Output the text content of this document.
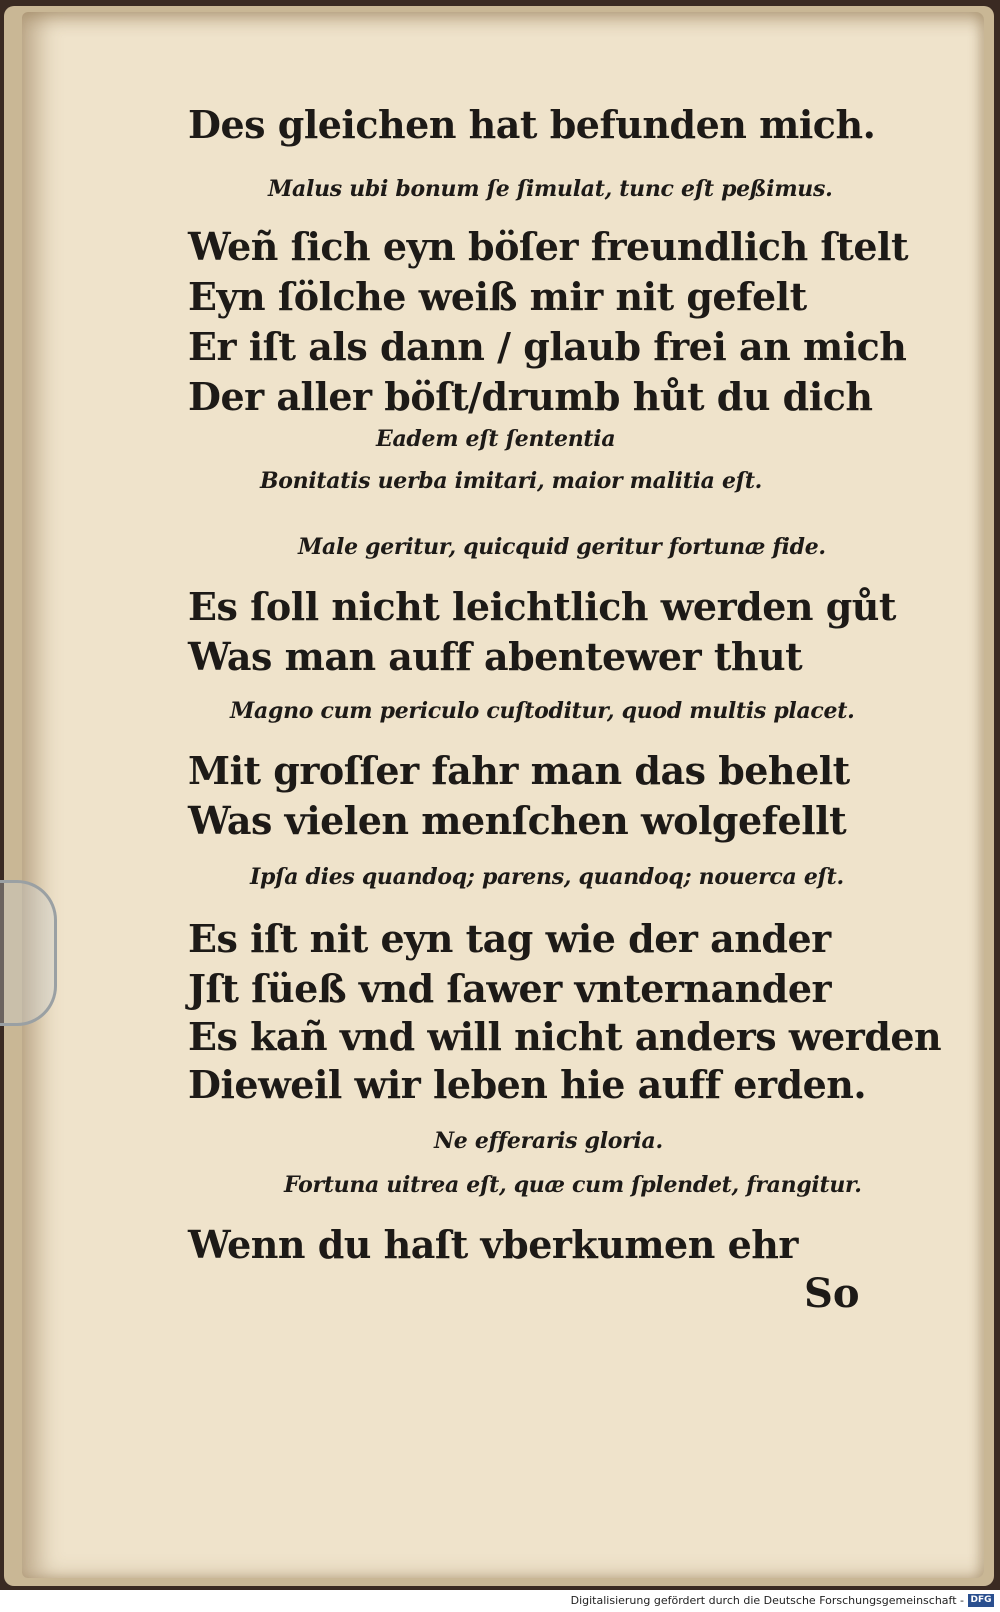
Des gleichen hat befunden mich.
Malus ubi bonum ſe ſimulat, tunc eſt peßimus.
Weñ ſich eyn böſer freundlich ſtelt
Eyn ſölche weiß mir nit gefelt
Er iſt als dann / glaub frei an mich
Der aller böſt/drumb hůt du dich
Eadem eſt ſententia
Bonitatis uerba imitari, maior malitia eſt.
Male geritur, quicquid geritur fortunæ fide.
Es ſoll nicht leichtlich werden gůt
Was man auff abentewer thut
Magno cum periculo cuſtoditur, quod multis placet.
Mit groſſer fahr man das behelt
Was vielen menſchen wolgefellt
Ipſa dies quandoq; parens, quandoq; nouerca eſt.
Es iſt nit eyn tag wie der ander
Jſt ſüeß vnd ſawer vnternander
Es kañ vnd will nicht anders werden
Dieweil wir leben hie auff erden.
Ne efferaris gloria.
Fortuna uitrea eſt, quæ cum ſplendet, frangitur.
Wenn du haſt vberkumen ehr
So
Digitalisierung gefördert durch die Deutsche Forschungsgemeinschaft - DFG
